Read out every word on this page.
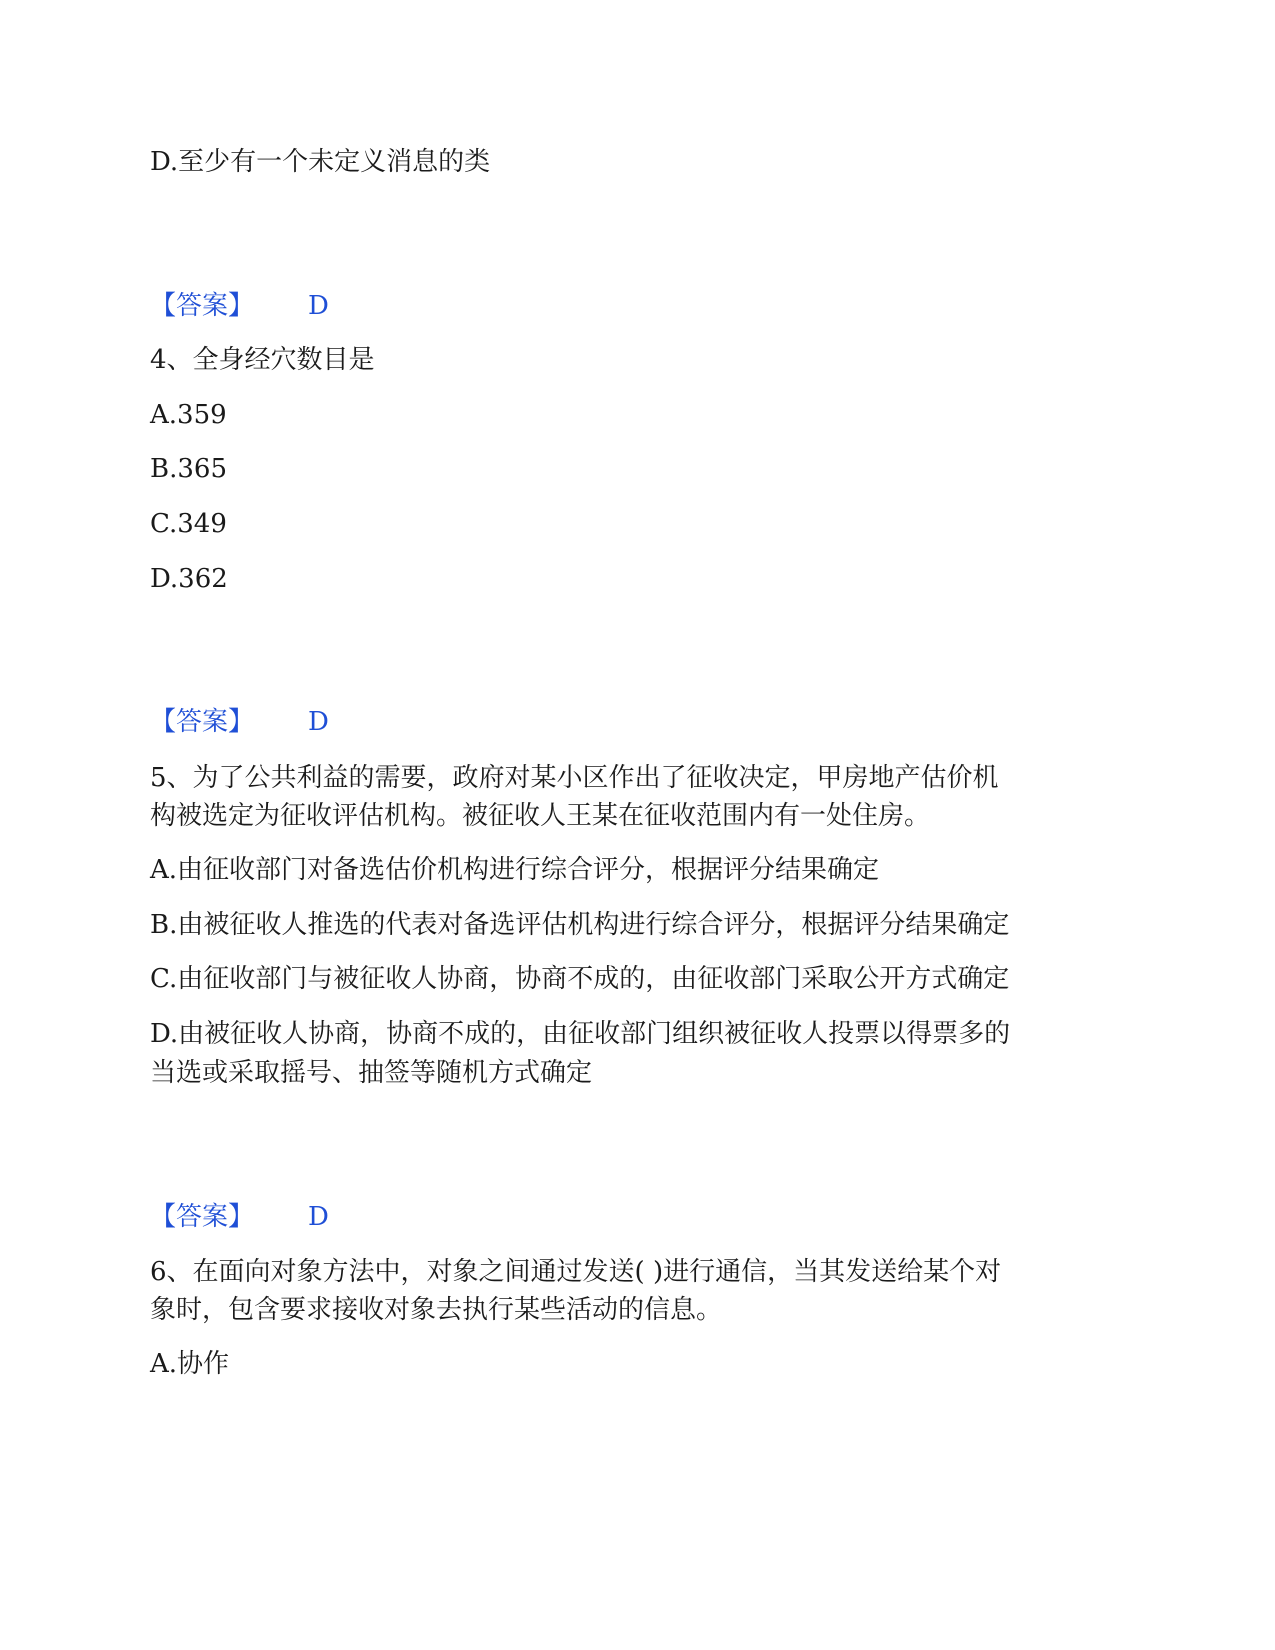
D.至少有一个未定义消息的类
【答案】 D
4、全身经穴数目是
A.359
B.365
C.349
D.362
【答案】 D
5、为了公共利益的需要，政府对某小区作出了征收决定，甲房地产估价机
构被选定为征收评估机构。被征收人王某在征收范围内有一处住房。
A.由征收部门对备选估价机构进行综合评分，根据评分结果确定
B.由被征收人推选的代表对备选评估机构进行综合评分，根据评分结果确定
C.由征收部门与被征收人协商，协商不成的，由征收部门采取公开方式确定
D.由被征收人协商，协商不成的，由征收部门组织被征收人投票以得票多的
当选或采取摇号、抽签等随机方式确定
【答案】 D
6、在面向对象方法中，对象之间通过发送( )进行通信，当其发送给某个对
象时，包含要求接收对象去执行某些活动的信息。
A.协作
